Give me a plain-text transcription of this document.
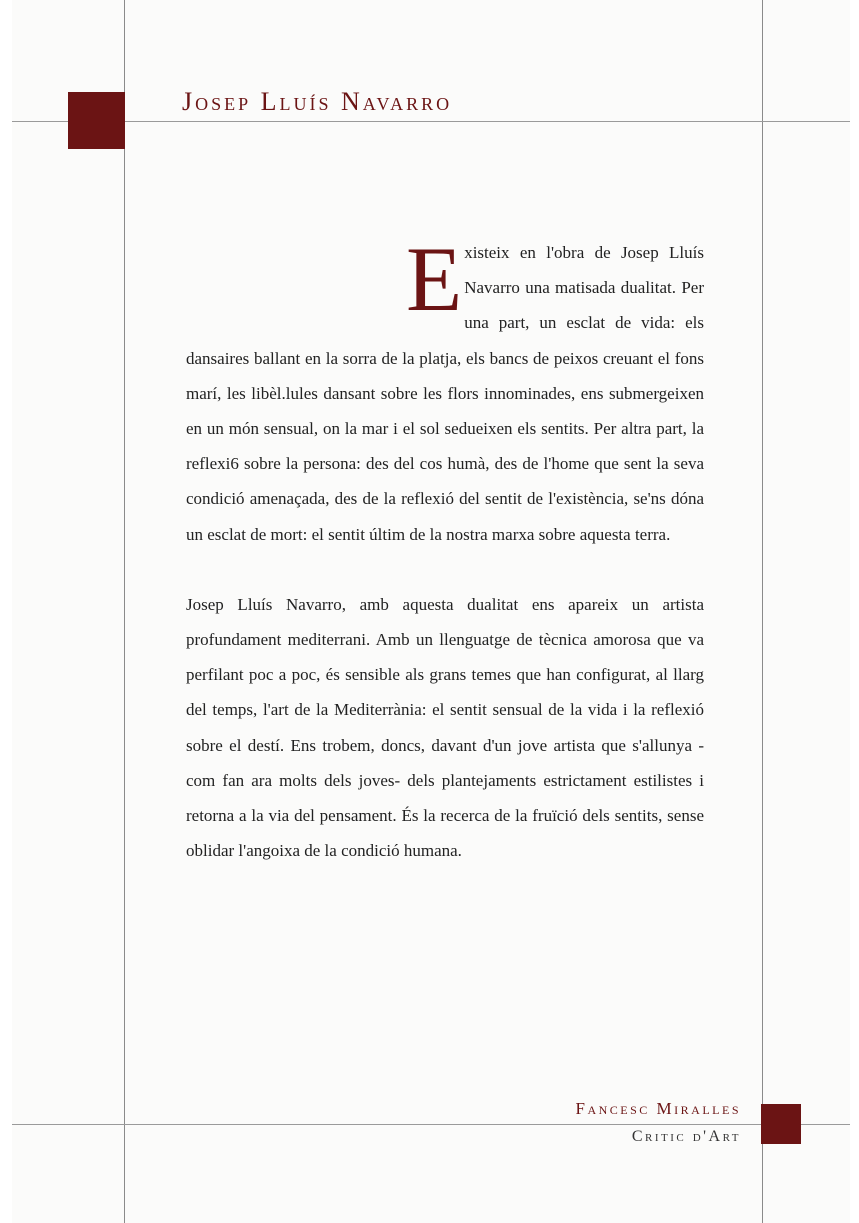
Josep Lluís Navarro

Existeix en l'obra de Josep Lluís Navarro una matisada dualitat. Per una part, un esclat de vida: els dansaires ballant en la sorra de la platja, els bancs de peixos creuant el fons marí, les libèl.lules dansant sobre les flors innominades, ens submergeixen en un món sensual, on la mar i el sol sedueixen els sentits. Per altra part, la reflexi6 sobre la persona: des del cos humà, des de l'home que sent la seva condició amenaçada, des de la reflexió del sentit de l'existència, se'ns dóna un esclat de mort: el sentit últim de la nostra marxa sobre aquesta terra.

Josep Lluís Navarro, amb aquesta dualitat ens apareix un artista profundament mediterrani. Amb un llenguatge de tècnica amorosa que va perfilant poc a poc, és sensible als grans temes que han configurat, al llarg del temps, l'art de la Mediterrània: el sentit sensual de la vida i la reflexió sobre el destí. Ens trobem, doncs, davant d'un jove artista que s'allunya -com fan ara molts dels joves- dels plantejaments estrictament estilistes i retorna a la via del pensament. És la recerca de la fruïció dels sentits, sense oblidar l'angoixa de la condició humana.

Fancesc Miralles
Critic d'Art
